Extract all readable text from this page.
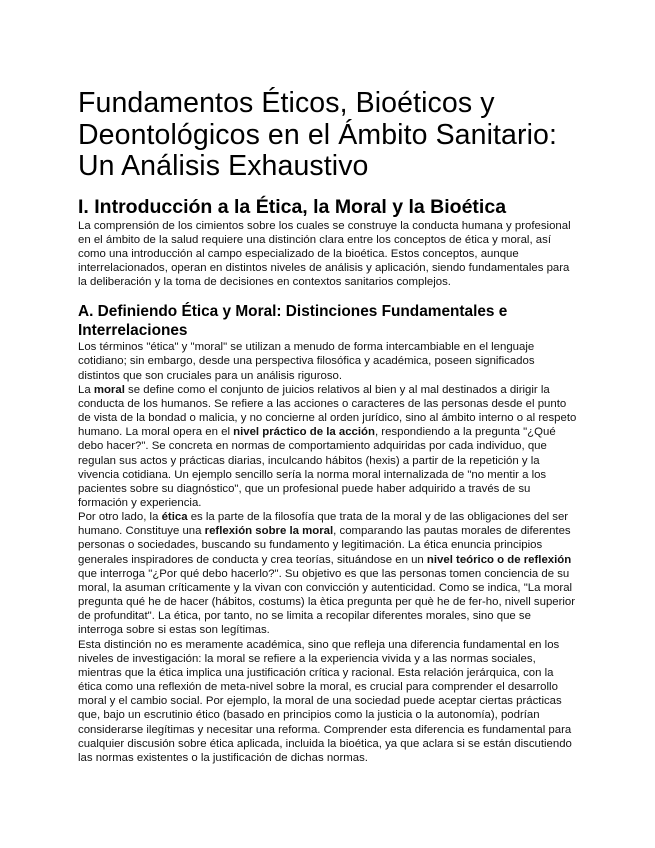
Fundamentos Éticos, Bioéticos y
Deontológicos en el Ámbito Sanitario:
Un Análisis Exhaustivo
I. Introducción a la Ética, la Moral y la Bioética

La comprensión de los cimientos sobre los cuales se construye la conducta humana y profesional en el ámbito de la salud requiere una distinción clara entre los conceptos de ética y moral, así como una introducción al campo especializado de la bioética. Estos conceptos, aunque interrelacionados, operan en distintos niveles de análisis y aplicación, siendo fundamentales para la deliberación y la toma de decisiones en contextos sanitarios complejos.

A. Definiendo Ética y Moral: Distinciones Fundamentales e Interrelaciones

Los términos "ética" y "moral" se utilizan a menudo de forma intercambiable en el lenguaje cotidiano; sin embargo, desde una perspectiva filosófica y académica, poseen significados distintos que son cruciales para un análisis riguroso.

La moral se define como el conjunto de juicios relativos al bien y al mal destinados a dirigir la conducta de los humanos. Se refiere a las acciones o caracteres de las personas desde el punto de vista de la bondad o malicia, y no concierne al orden jurídico, sino al ámbito interno o al respeto humano. La moral opera en el nivel práctico de la acción, respondiendo a la pregunta "¿Qué debo hacer?". Se concreta en normas de comportamiento adquiridas por cada individuo, que regulan sus actos y prácticas diarias, inculcando hábitos (hexis) a partir de la repetición y la vivencia cotidiana. Un ejemplo sencillo sería la norma moral internalizada de "no mentir a los pacientes sobre su diagnóstico", que un profesional puede haber adquirido a través de su formación y experiencia.

Por otro lado, la ética es la parte de la filosofía que trata de la moral y de las obligaciones del ser humano. Constituye una reflexión sobre la moral, comparando las pautas morales de diferentes personas o sociedades, buscando su fundamento y legitimación. La ética enuncia principios generales inspiradores de conducta y crea teorías, situándose en un nivel teórico o de reflexión que interroga "¿Por qué debo hacerlo?". Su objetivo es que las personas tomen conciencia de su moral, la asuman críticamente y la vivan con convicción y autenticidad. Como se indica, "La moral pregunta qué he de hacer (hábitos, costums) la ètica pregunta per què he de fer-ho, nivell superior de profunditat". La ética, por tanto, no se limita a recopilar diferentes morales, sino que se interroga sobre si estas son legítimas.

Esta distinción no es meramente académica, sino que refleja una diferencia fundamental en los niveles de investigación: la moral se refiere a la experiencia vivida y a las normas sociales, mientras que la ética implica una justificación crítica y racional. Esta relación jerárquica, con la ética como una reflexión de meta-nivel sobre la moral, es crucial para comprender el desarrollo moral y el cambio social. Por ejemplo, la moral de una sociedad puede aceptar ciertas prácticas que, bajo un escrutinio ético (basado en principios como la justicia o la autonomía), podrían considerarse ilegítimas y necesitar una reforma. Comprender esta diferencia es fundamental para cualquier discusión sobre ética aplicada, incluida la bioética, ya que aclara si se están discutiendo las normas existentes o la justificación de dichas normas.
